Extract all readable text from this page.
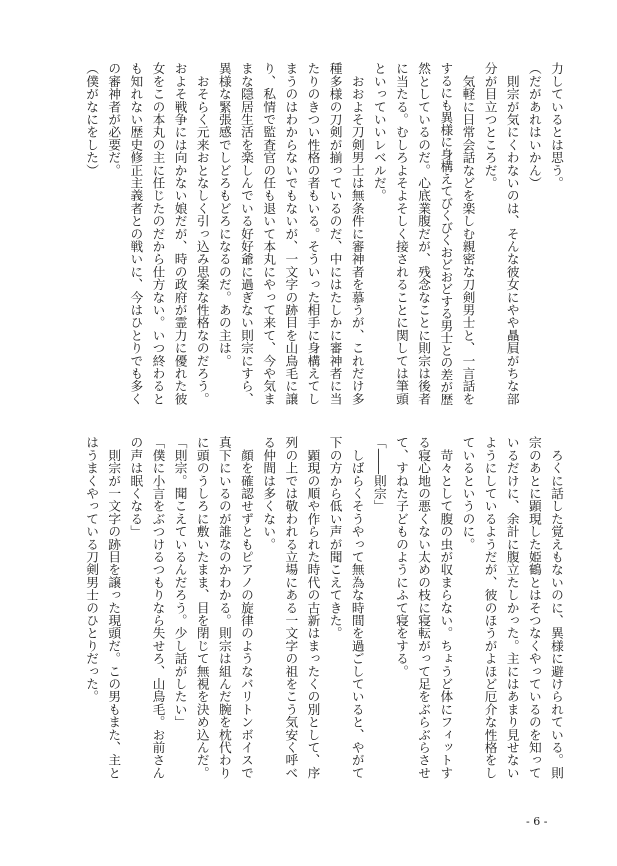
力しているとは思う。
（だがあれはいかん）
　則宗が気にくわないのは、そんな彼女にやや贔屓がちな部
分が目立つところだ。
　気軽に日常会話などを楽しむ親密な刀剣男士と、一言話を
するにも異様に身構えてびくびくおどおどする男士との差が歴
然としているのだ。心底業腹だが、残念なことに則宗は後者
に当たる。むしろよそよそしく接されることに関しては筆頭
といっていいレベルだ。
　おおよそ刀剣男士は無条件に審神者を慕うが、これだけ多
種多様の刀剣が揃っているのだ、中にはたしかに審神者に当
たりのきつい性格の者もいる。そういった相手に身構えてし
まうのはわからないでもないが、一文字の跡目を山鳥毛に譲
り、私情で監査官の任も退いて本丸にやって来て、今や気ま
まな隠居生活を楽しんでいる好好爺に過ぎない則宗にすら、
異様な緊張感でしどろもどろになるのだ。あの主は。
　おそらく元来おとなしく引っ込み思案な性格なのだろう。
およそ戦争には向かない娘だが、時の政府が霊力に優れた彼
女をこの本丸の主に任じたのだから仕方ない。いつ終わると
も知れない歴史修正主義者との戦いに、今はひとりでも多く
の審神者が必要だ。
（僕がなにをした）
　ろくに話した覚えもないのに、異様に避けられている。則
宗のあとに顕現した姫鶴とはそつなくやっているのを知って
いるだけに、余計に腹立たしかった。主にはあまり見せない
ようにしているようだが、彼のほうがよほど厄介な性格をし
ているというのに。
　苛々として腹の虫が収まらない。ちょうど体にフィットす
る寝心地の悪くない太めの枝に寝転がって足をぶらぶらさせ
て、すねた子どものようにふて寝をする。
「――則宗」
　しばらくそうやって無為な時間を過ごしていると、やがて
下の方から低い声が聞こえてきた。
　顕現の順や作られた時代の古新はまったくの別として、序
列の上では敬われる立場にある一文字の祖をこう気安く呼べ
る仲間は多くない。
　顔を確認せずともピアノの旋律のようなバリトンボイスで
真下にいるのが誰なのかわかる。則宗は組んだ腕を枕代わり
に頭のうしろに敷いたまま、目を閉じて無視を決め込んだ。
「則宗。聞こえているんだろう。少し話がしたい」
「僕に小言をぶつけるつもりなら失せろ、山鳥毛。お前さん
の声は眠くなる」
　則宗が一文字の跡目を譲った現頭だ。この男もまた、主と
はうまくやっている刀剣男士のひとりだった。
- 6 -
